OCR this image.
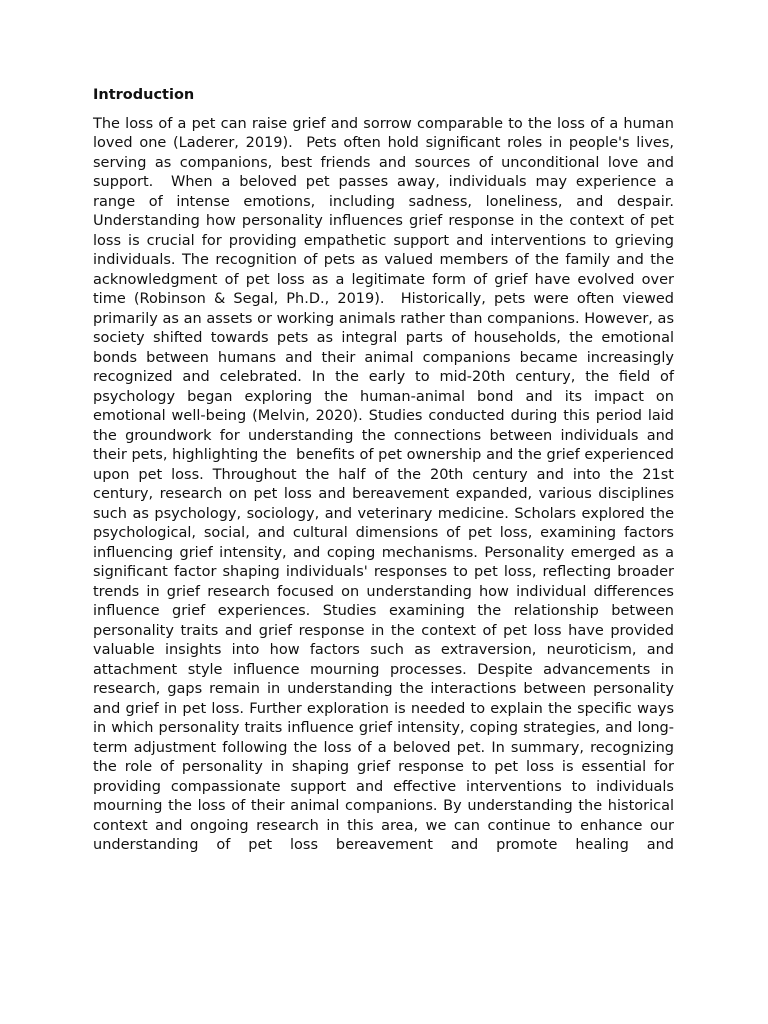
Introduction

The loss of a pet can raise grief and sorrow comparable to the loss of a human loved one (Laderer, 2019).  Pets often hold significant roles in people's lives, serving as companions, best friends and sources of unconditional love and support.  When a beloved pet passes away, individuals may experience a range of intense emotions, including sadness, loneliness, and despair. Understanding how personality influences grief response in the context of pet loss is crucial for providing empathetic support and interventions to grieving individuals. The recognition of pets as valued members of the family and the acknowledgment of pet loss as a legitimate form of grief have evolved over time (Robinson & Segal, Ph.D., 2019).  Historically, pets were often viewed primarily as an assets or working animals rather than companions. However, as society shifted towards pets as integral parts of households, the emotional bonds between humans and their animal companions became increasingly recognized and celebrated. In the early to mid-20th century, the field of psychology began exploring the human-animal bond and its impact on emotional well-being (Melvin, 2020). Studies conducted during this period laid the groundwork for understanding the connections between individuals and their pets, highlighting the  benefits of pet ownership and the grief experienced upon pet loss. Throughout the half of the 20th century and into the 21st century, research on pet loss and bereavement expanded, various disciplines such as psychology, sociology, and veterinary medicine. Scholars explored the psychological, social, and cultural dimensions of pet loss, examining factors influencing grief intensity, and coping mechanisms. Personality emerged as a significant factor shaping individuals' responses to pet loss, reflecting broader trends in grief research focused on understanding how individual differences influence grief experiences. Studies examining the relationship between personality traits and grief response in the context of pet loss have provided valuable insights into how factors such as extraversion, neuroticism, and attachment style influence mourning processes. Despite advancements in research, gaps remain in understanding the interactions between personality and grief in pet loss. Further exploration is needed to explain the specific ways in which personality traits influence grief intensity, coping strategies, and long-term adjustment following the loss of a beloved pet. In summary, recognizing the role of personality in shaping grief response to pet loss is essential for providing compassionate support and effective interventions to individuals mourning the loss of their animal companions. By understanding the historical context and ongoing research in this area, we can continue to enhance our understanding of pet loss bereavement and promote healing and
